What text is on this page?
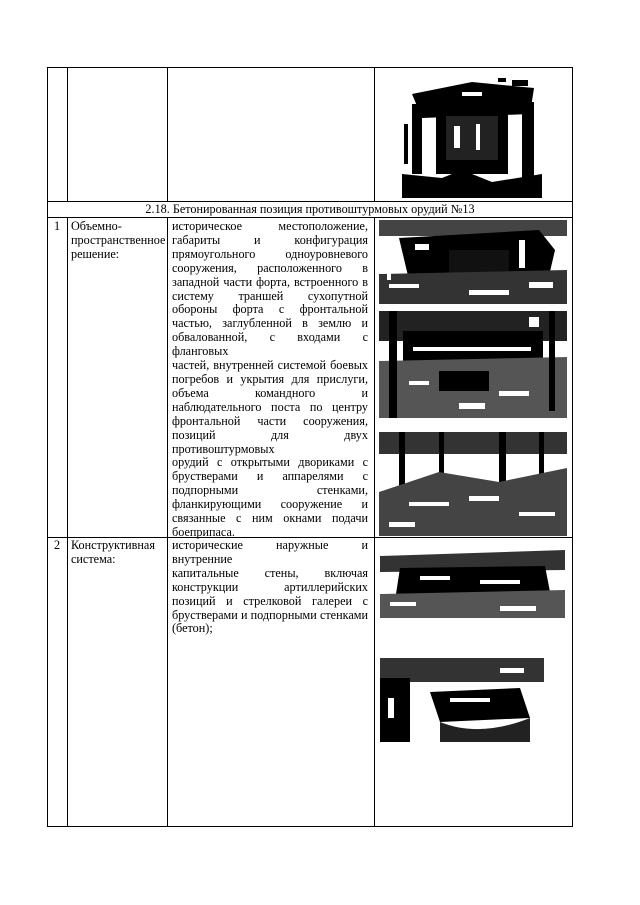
2.18. Бетонированная позиция противоштурмовых орудий №13
1 Объемно-
пространственное
решение:
историческое местоположение,
габариты и конфигурация
прямоугольного одноуровневого
сооружения, расположенного в
западной части форта, встроенного в
систему траншей сухопутной
обороны форта с фронтальной
частью, заглубленной в землю и
обвалованной, с входами с фланговых
частей, внутренней системой боевых
погребов и укрытия для прислуги,
объема командного и
наблюдательного поста по центру
фронтальной части сооружения,
позиций для двух противоштурмовых
орудий с открытыми двориками с
брустверами и аппарелями с
подпорными стенками,
фланкирующими сооружение и
связанные с ним окнами подачи
боеприпаса.
2 Конструктивная
система:
исторические наружные и внутренние
капитальные стены, включая
конструкции артиллерийских
позиций и стрелковой галереи с
брустверами и подпорными стенками
(бетон);
